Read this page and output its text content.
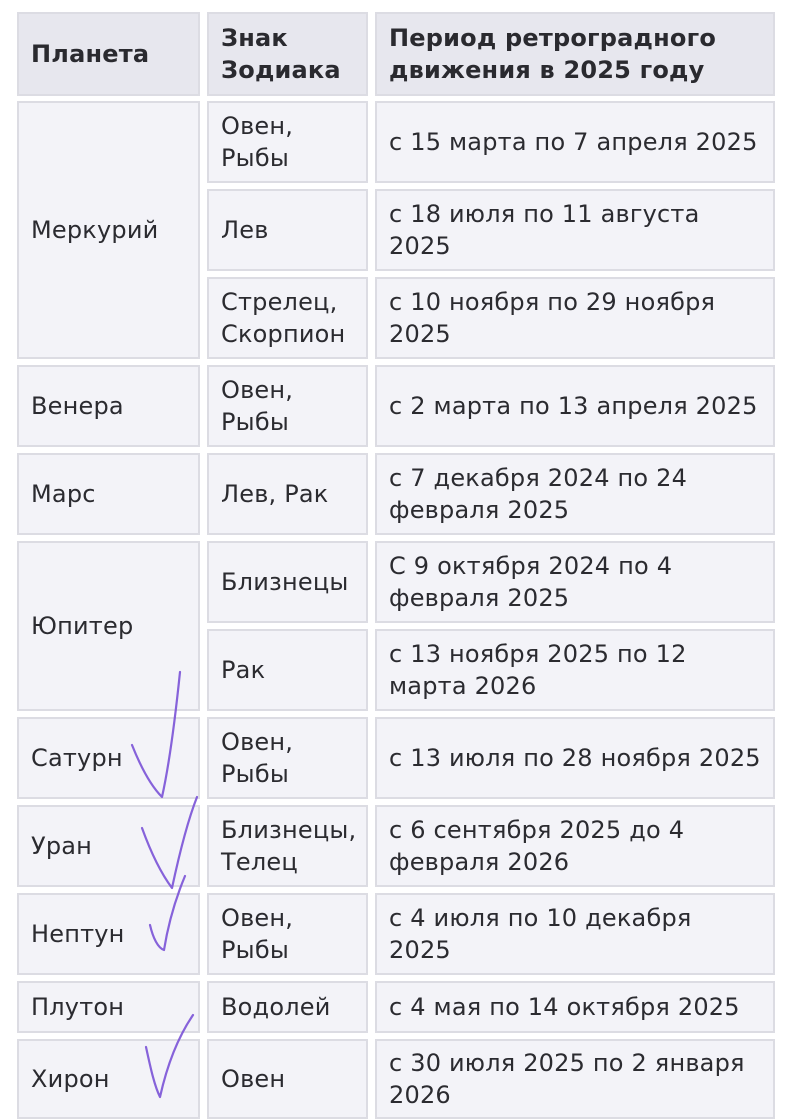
Планета
Знак Зодиака
Период ретроградного движения в 2025 году
Меркурий
Венера
Марс
Юпитер
Сатурн
Уран
Нептун
Плутон
Хирон
Овен, Рыбы
Лев
Стрелец, Скорпион
Овен, Рыбы
Лев, Рак
Близнецы
Рак
Овен, Рыбы
Близнецы, Телец
Овен, Рыбы
Водолей
Овен
с 15 марта по 7 апреля 2025
с 18 июля по 11 августа 2025
с 10 ноября по 29 ноября 2025
с 2 марта по 13 апреля 2025
с 7 декабря 2024 по 24 февраля 2025
С 9 октября 2024 по 4 февраля 2025
с 13 ноября 2025 по 12 марта 2026
с 13 июля по 28 ноября 2025
с 6 сентября 2025 до 4 февраля 2026
с 4 июля по 10 декабря 2025
с 4 мая по 14 октября 2025
с 30 июля 2025 по 2 января 2026
